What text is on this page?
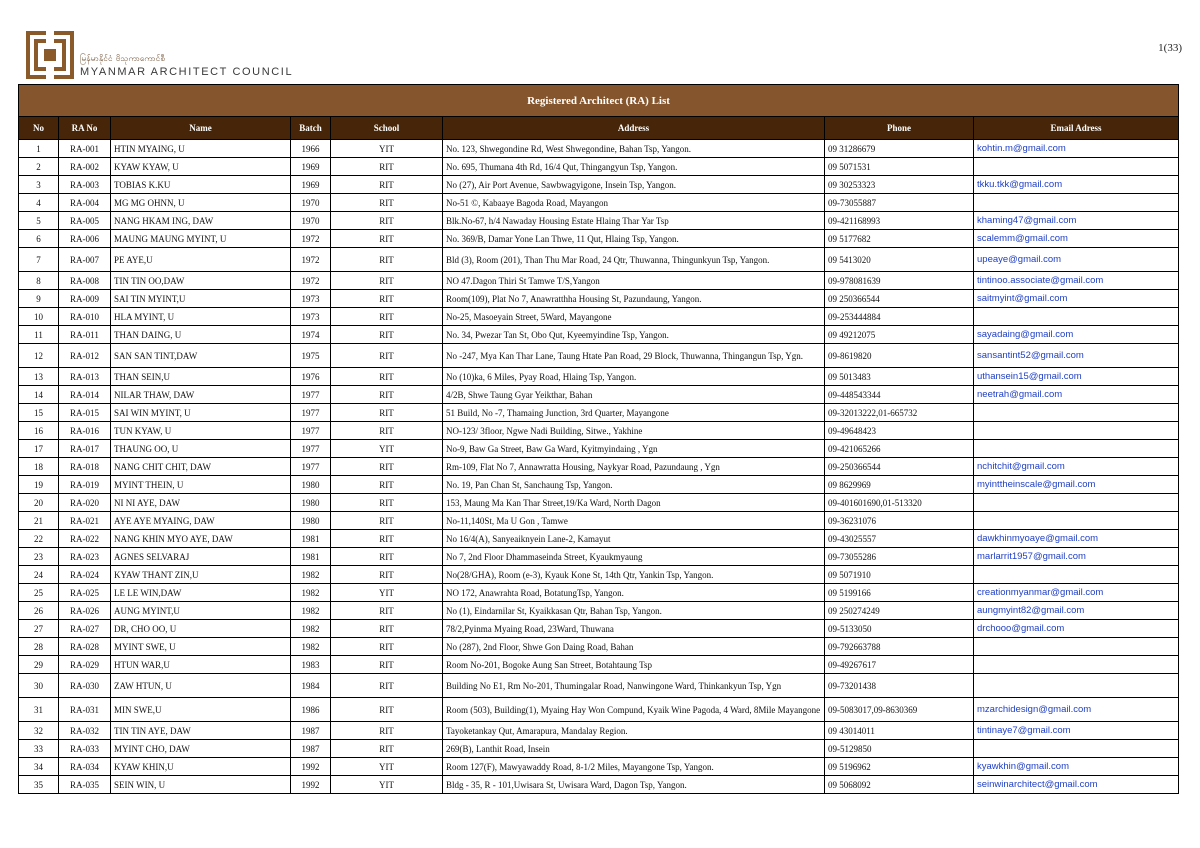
မြန်မာနိုင်ငံ ဗိသုကာကောင်စီ
MYANMAR ARCHITECT COUNCIL
1(33)
Registered Architect (RA) List							
No	RA No	Name	Batch	School	Address	Phone	Email Adress
1	RA-001	HTIN MYAING, U	1966	YIT	No. 123, Shwegondine Rd, West Shwegondine, Bahan Tsp, Yangon.	09 31286679	kohtin.m@gmail.com
2	RA-002	KYAW KYAW, U	1969	RIT	No. 695, Thumana 4th Rd, 16/4 Qut, Thingangyun Tsp, Yangon.	09 5071531	
3	RA-003	TOBIAS K.KU	1969	RIT	No (27), Air Port Avenue, Sawbwagyigone, Insein Tsp, Yangon.	09 30253323	tkku.tkk@gmail.com
4	RA-004	MG MG OHNN, U	1970	RIT	No-51 ©, Kabaaye Bagoda Road, Mayangon	09-73055887	
5	RA-005	NANG HKAM ING, DAW	1970	RIT	Blk.No-67, h/4 Nawaday Housing Estate Hlaing Thar Yar Tsp	09-421168993	khaming47@gmail.com
6	RA-006	MAUNG MAUNG MYINT, U	1972	RIT	No. 369/B, Damar Yone Lan Thwe, 11 Qut, Hlaing Tsp, Yangon.	09 5177682	scalemm@gmail.com
7	RA-007	PE AYE,U	1972	RIT	Bld (3), Room (201), Than Thu Mar Road, 24 Qtr, Thuwanna, Thingunkyun Tsp, Yangon.	09 5413020	upeaye@gmail.com
8	RA-008	TIN TIN OO,DAW	1972	RIT	NO 47.Dagon Thiri St Tamwe T/S,Yangon	09-978081639	tintinoo.associate@gmail.com
9	RA-009	SAI TIN MYINT,U	1973	RIT	Room(109), Plat No 7, Anawratthha Housing St, Pazundaung, Yangon.	09 250366544	saitmyint@gmail.com
10	RA-010	HLA MYINT, U	1973	RIT	No-25, Masoeyain Street, 5Ward, Mayangone	09-253444884	
11	RA-011	THAN DAING, U	1974	RIT	No. 34, Pwezar Tan St, Obo Qut, Kyeemyindine Tsp, Yangon.	09 49212075	sayadaing@gmail.com
12	RA-012	SAN SAN TINT,DAW	1975	RIT	No -247, Mya Kan Thar Lane, Taung Htate Pan Road, 29 Block, Thuwanna, Thingangun Tsp, Ygn.	09-8619820	sansantint52@gmail.com
13	RA-013	THAN SEIN,U	1976	RIT	No (10)ka, 6 Miles, Pyay Road, Hlaing Tsp, Yangon.	09 5013483	uthansein15@gmail.com
14	RA-014	NILAR THAW, DAW	1977	RIT	4/2B, Shwe Taung Gyar Yeikthar, Bahan	09-448543344	neetrah@gmail.com
15	RA-015	SAI WIN MYINT, U	1977	RIT	51 Build, No -7, Thamaing Junction, 3rd Quarter, Mayangone	09-32013222,01-665732	
16	RA-016	TUN KYAW, U	1977	RIT	NO-123/ 3floor, Ngwe Nadi Building, Sitwe., Yakhine	09-49648423	
17	RA-017	THAUNG OO, U	1977	YIT	No-9, Baw Ga Street, Baw Ga Ward, Kyitmyindaing , Ygn	09-421065266	
18	RA-018	NANG CHIT CHIT, DAW	1977	RIT	Rm-109, Flat No 7, Annawratta Housing, Naykyar Road, Pazundaung , Ygn	09-250366544	nchitchit@gmail.com
19	RA-019	MYINT THEIN, U	1980	RIT	No. 19, Pan Chan St, Sanchaung Tsp, Yangon.	09 8629969	myinttheinscale@gmail.com
20	RA-020	NI NI AYE, DAW	1980	RIT	153, Maung Ma Kan Thar Street,19/Ka Ward, North Dagon	09-401601690,01-513320	
21	RA-021	AYE AYE MYAING, DAW	1980	RIT	No-11,140St, Ma U Gon , Tamwe	09-36231076	
22	RA-022	NANG KHIN MYO AYE, DAW	1981	RIT	No 16/4(A), Sanyeaiknyein Lane-2, Kamayut	09-43025557	dawkhinmyoaye@gmail.com
23	RA-023	AGNES SELVARAJ	1981	RIT	No 7, 2nd Floor Dhammaseinda Street, Kyaukmyaung	09-73055286	marlarrit1957@gmail.com
24	RA-024	KYAW THANT ZIN,U	1982	RIT	No(28/GHA), Room (e-3), Kyauk Kone St, 14th Qtr, Yankin Tsp, Yangon.	09 5071910	
25	RA-025	LE LE WIN,DAW	1982	YIT	NO 172, Anawrahta Road, BotatungTsp, Yangon.	09 5199166	creationmyanmar@gmail.com
26	RA-026	AUNG MYINT,U	1982	RIT	No (1), Eindarnilar St, Kyaikkasan Qtr, Bahan Tsp, Yangon.	09 250274249	aungmyint82@gmail.com
27	RA-027	DR, CHO OO, U	1982	RIT	78/2,Pyinma Myaing Road, 23Ward, Thuwana	09-5133050	drchooo@gmail.com
28	RA-028	MYINT SWE, U	1982	RIT	No (287), 2nd Floor, Shwe Gon Daing Road, Bahan	09-792663788	
29	RA-029	HTUN WAR,U	1983	RIT	Room No-201, Bogoke Aung San Street, Botahtaung Tsp	09-49267617	
30	RA-030	ZAW HTUN, U	1984	RIT	Building No E1, Rm No-201, Thumingalar Road, Nanwingone Ward, Thinkankyun Tsp, Ygn	09-73201438	
31	RA-031	MIN SWE,U	1986	RIT	Room (503), Building(1), Myaing Hay Won Compund, Kyaik Wine Pagoda, 4 Ward, 8Mile Mayangone	09-5083017,09-8630369	mzarchidesign@gmail.com
32	RA-032	TIN TIN AYE, DAW	1987	RIT	Tayoketankay Qut, Amarapura, Mandalay Region.	09 43014011	tintinaye7@gmail.com
33	RA-033	MYINT CHO, DAW	1987	RIT	269(B), Lanthit Road, Insein	09-5129850	
34	RA-034	KYAW KHIN,U	1992	YIT	Room 127(F), Mawyawaddy Road, 8-1/2 Miles, Mayangone Tsp, Yangon.	09 5196962	kyawkhin@gmail.com
35	RA-035	SEIN WIN, U	1992	YIT	Bldg - 35, R - 101,Uwisara St, Uwisara Ward, Dagon Tsp, Yangon.	09 5068092	seinwinarchitect@gmail.com
